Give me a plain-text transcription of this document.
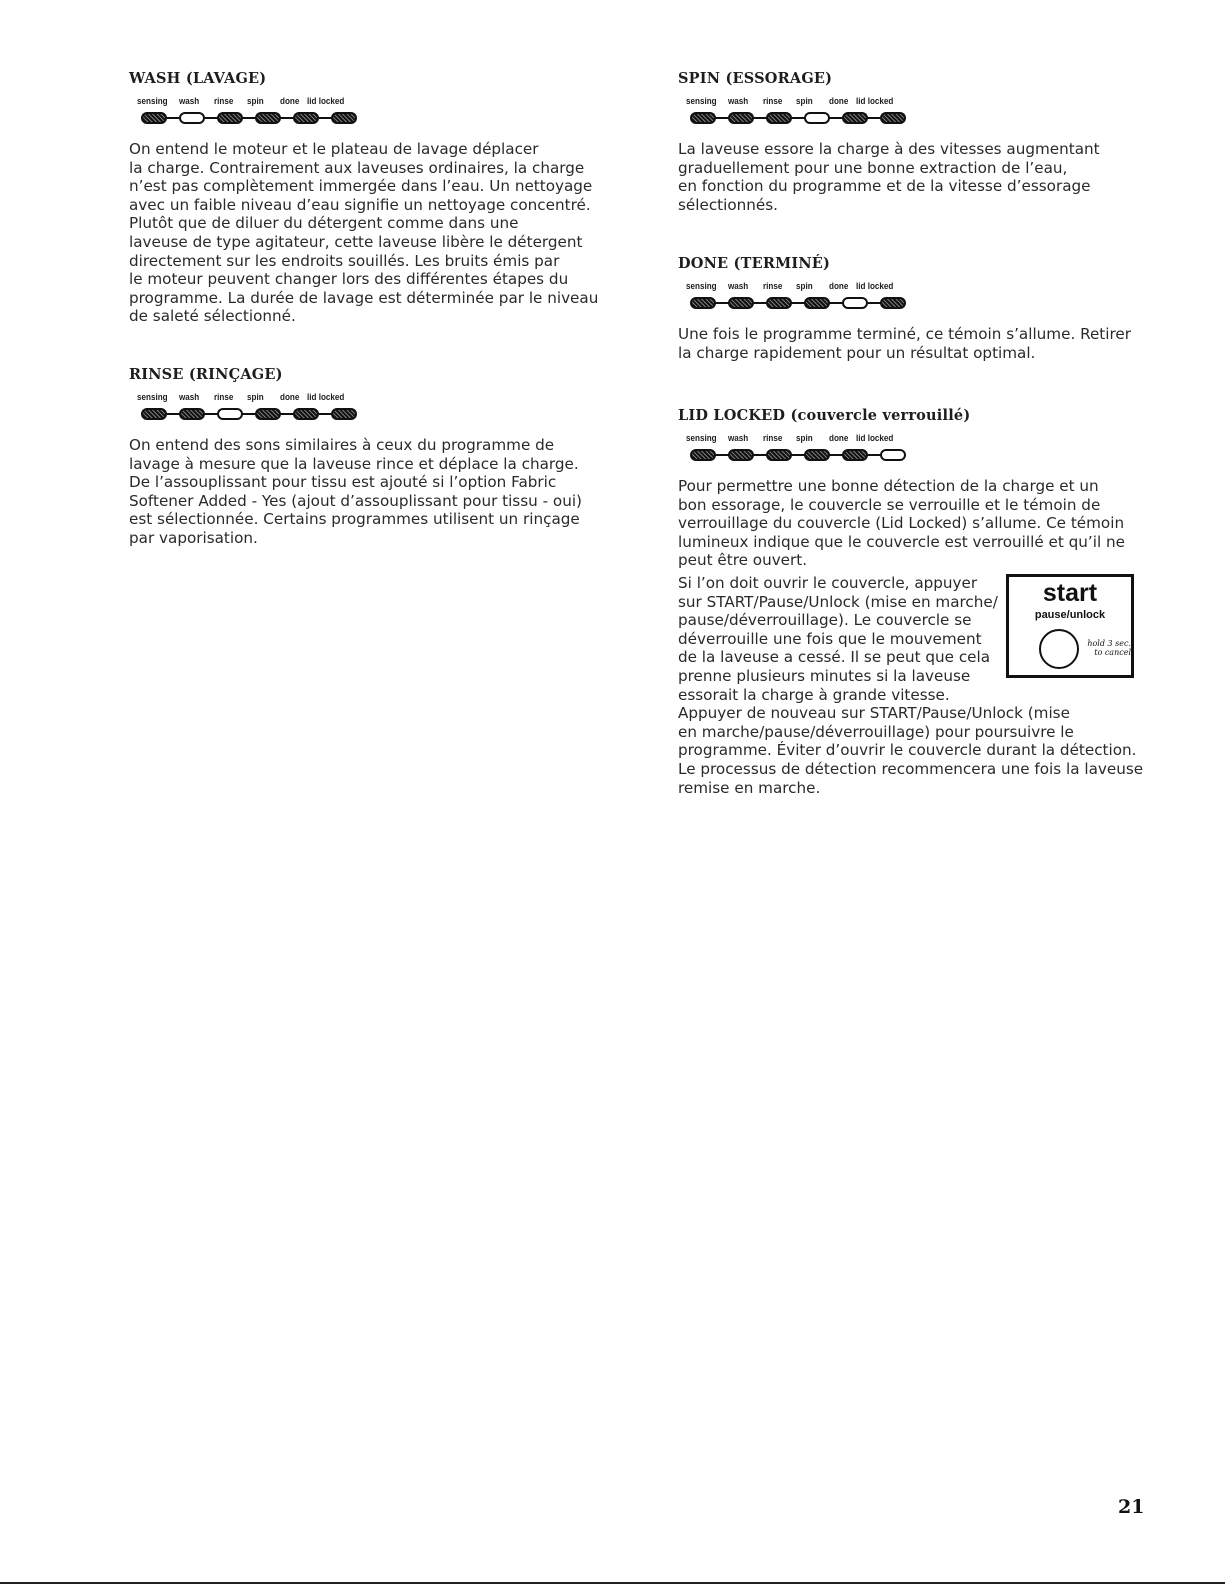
WASH (LAVAGE)
sensing wash rinse spin done lid locked

On entend le moteur et le plateau de lavage déplacer
la charge. Contrairement aux laveuses ordinaires, la charge
n’est pas complètement immergée dans l’eau. Un nettoyage
avec un faible niveau d’eau signifie un nettoyage concentré.
Plutôt que de diluer du détergent comme dans une
laveuse de type agitateur, cette laveuse libère le détergent
directement sur les endroits souillés. Les bruits émis par
le moteur peuvent changer lors des différentes étapes du
programme. La durée de lavage est déterminée par le niveau
de saleté sélectionné.

RINSE (RINÇAGE)
sensing wash rinse spin done lid locked

On entend des sons similaires à ceux du programme de
lavage à mesure que la laveuse rince et déplace la charge.
De l’assouplissant pour tissu est ajouté si l’option Fabric
Softener Added - Yes (ajout d’assouplissant pour tissu - oui)
est sélectionnée. Certains programmes utilisent un rinçage
par vaporisation.

SPIN (ESSORAGE)
sensing wash rinse spin done lid locked

La laveuse essore la charge à des vitesses augmentant
graduellement pour une bonne extraction de l’eau,
en fonction du programme et de la vitesse d’essorage
sélectionnés.

DONE (TERMINÉ)
sensing wash rinse spin done lid locked

Une fois le programme terminé, ce témoin s’allume. Retirer
la charge rapidement pour un résultat optimal.

LID LOCKED (couvercle verrouillé)
sensing wash rinse spin done lid locked

Pour permettre une bonne détection de la charge et un
bon essorage, le couvercle se verrouille et le témoin de
verrouillage du couvercle (Lid Locked) s’allume. Ce témoin
lumineux indique que le couvercle est verrouillé et qu’il ne
peut être ouvert.

Si l’on doit ouvrir le couvercle, appuyer
sur START/Pause/Unlock (mise en marche/
pause/déverrouillage). Le couvercle se
déverrouille une fois que le mouvement
de la laveuse a cessé. Il se peut que cela
prenne plusieurs minutes si la laveuse
essorait la charge à grande vitesse.

start
pause/unlock
hold 3 sec.
to cancel

Appuyer de nouveau sur START/Pause/Unlock (mise
en marche/pause/déverrouillage) pour poursuivre le
programme. Éviter d’ouvrir le couvercle durant la détection.
Le processus de détection recommencera une fois la laveuse
remise en marche.

21
